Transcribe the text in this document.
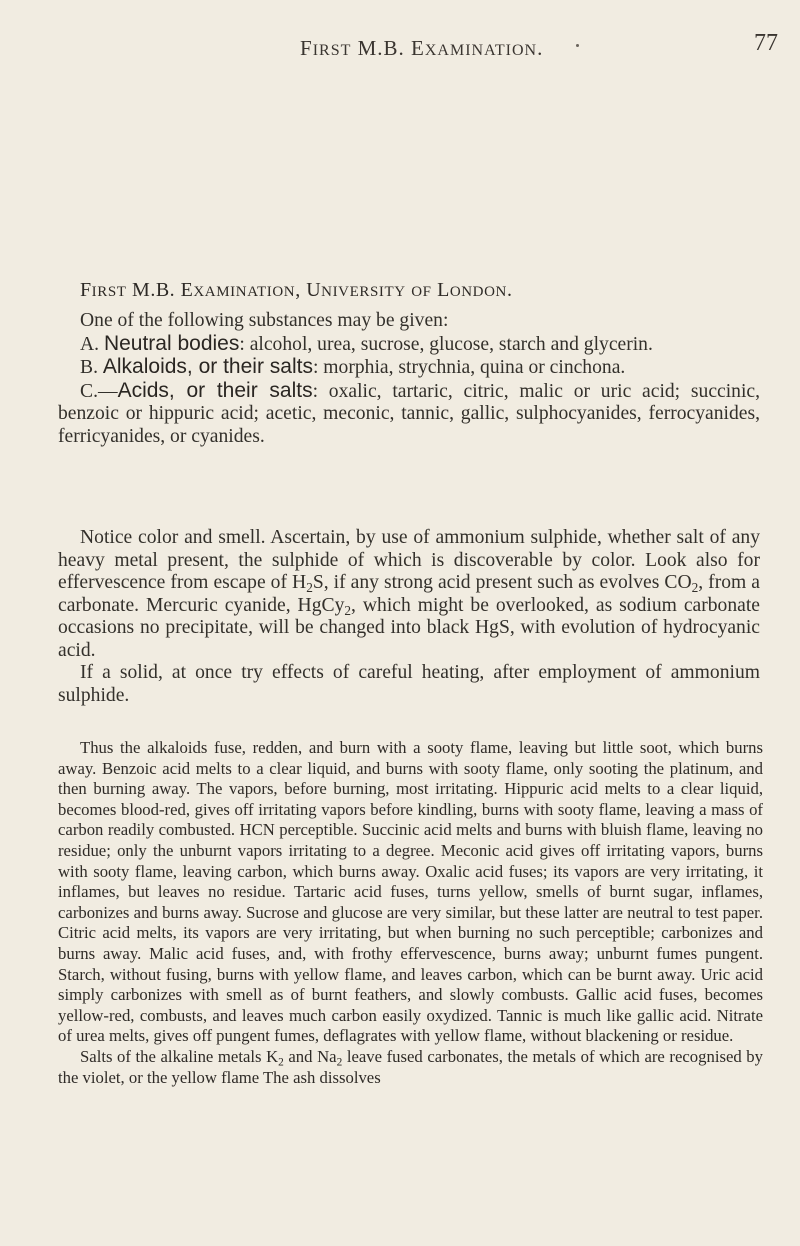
FIRST M.B. EXAMINATION.	77
FIRST M.B. EXAMINATION, UNIVERSITY OF LONDON.

One of the following substances may be given:

A. Neutral bodies: alcohol, urea, sucrose, glucose, starch and glycerin.

B. Alkaloids, or their salts: morphia, strychnia, quina or cinchona.

C.—Acids, or their salts: oxalic, tartaric, citric, malic or uric acid; succinic, benzoic or hippuric acid; acetic, meconic, tannic, gallic, sulphocyanides, ferrocyanides, ferricyanides, or cyanides.

Notice color and smell. Ascertain, by use of ammonium sulphide, whether salt of any heavy metal present, the sulphide of which is discoverable by color. Look also for effervescence from escape of $H_2S$, if any strong acid present such as evolves $CO_2$, from a carbonate. Mercuric cyanide, HgCy$_2$, which might be overlooked, as sodium carbonate occasions no precipitate, will be changed into black HgS, with evolution of hydrocyanic acid.

If a solid, at once try effects of careful heating, after employment of ammonium sulphide.

Thus the alkaloids fuse, redden, and burn with a sooty flame, leaving but little soot, which burns away. Benzoic acid melts to a clear liquid, and burns with sooty flame, only sooting the platinum, and then burning away. The vapors, before burning, most irritating. Hippuric acid melts to a clear liquid, becomes blood-red, gives off irritating vapors before kindling, burns with sooty flame, leaving a mass of carbon readily combusted. HCN perceptible. Succinic acid melts and burns with bluish flame, leaving no residue; only the unburnt vapors irritating to a degree. Meconic acid gives off irritating vapors, burns with sooty flame, leaving carbon, which burns away. Oxalic acid fuses; its vapors are very irritating, it inflames, but leaves no residue. Tartaric acid fuses, turns yellow, smells of burnt sugar, inflames, carbonizes and burns away. Sucrose and glucose are very similar, but these latter are neutral to test paper. Citric acid melts, its vapors are very irritating, but when burning no such perceptible; carbonizes and burns away. Malic acid fuses, and, with frothy effervescence, burns away; unburnt fumes pungent. Starch, without fusing, burns with yellow flame, and leaves carbon, which can be burnt away. Uric acid simply carbonizes with smell as of burnt feathers, and slowly combusts. Gallic acid fuses, becomes yellow-red, combusts, and leaves much carbon easily oxydized. Tannic is much like gallic acid. Nitrate of urea melts, gives off pungent fumes, deflagrates with yellow flame, without blackening or residue.

Salts of the alkaline metals $K_2$ and $Na_2$ leave fused carbonates, the metals of which are recognised by the violet, or the yellow flame The ash dissolves
